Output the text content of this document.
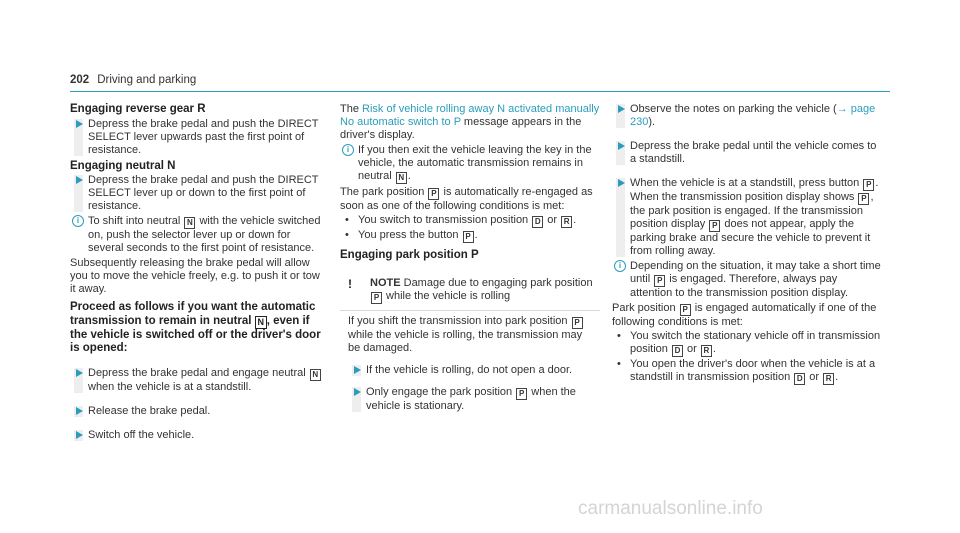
202 Driving and parking
Engaging reverse gear R
Depress the brake pedal and push the DIRECT SELECT lever upwards past the first point of resistance.
Engaging neutral N
Depress the brake pedal and push the DIRECT SELECT lever up or down to the first point of resistance.
i To shift into neutral N with the vehicle switched on, push the selector lever up or down for several seconds to the first point of resistance.

Subsequently releasing the brake pedal will allow you to move the vehicle freely, e.g. to push it or tow it away.

Proceed as follows if you want the automatic transmission to remain in neutral N , even if the vehicle is switched off or the driver's door is opened:
Depress the brake pedal and engage neutral N when the vehicle is at a standstill.
Release the brake pedal.
Switch off the vehicle.

The Risk of vehicle rolling away N activated manually No automatic switch to P message appears in the driver's display.

i If you then exit the vehicle leaving the key in the vehicle, the automatic transmission remains in neutral N .

The park position P is automatically re-engaged as soon as one of the following conditions is met:

• You switch to transmission position D or R .
• You press the button P .
Engaging park position P
! NOTE Damage due to engaging park position P while the vehicle is rolling

If you shift the transmission into park position P while the vehicle is rolling, the transmission may be damaged.

If the vehicle is rolling, do not open a door.
Only engage the park position P when the vehicle is stationary.
Observe the notes on parking the vehicle (→ page 230).
Depress the brake pedal until the vehicle comes to a standstill.
When the vehicle is at a standstill, press button P .
When the transmission position display shows P , the park position is engaged. If the transmission position display P does not appear, apply the parking brake and secure the vehicle to prevent it from rolling away.
i Depending on the situation, it may take a short time until P is engaged. Therefore, always pay attention to the transmission position display.

Park position P is engaged automatically if one of the following conditions is met:

• You switch the stationary vehicle off in transmission position D or R .
• You open the driver's door when the vehicle is at a standstill in transmission position D or R .
carmanualsonline.info
